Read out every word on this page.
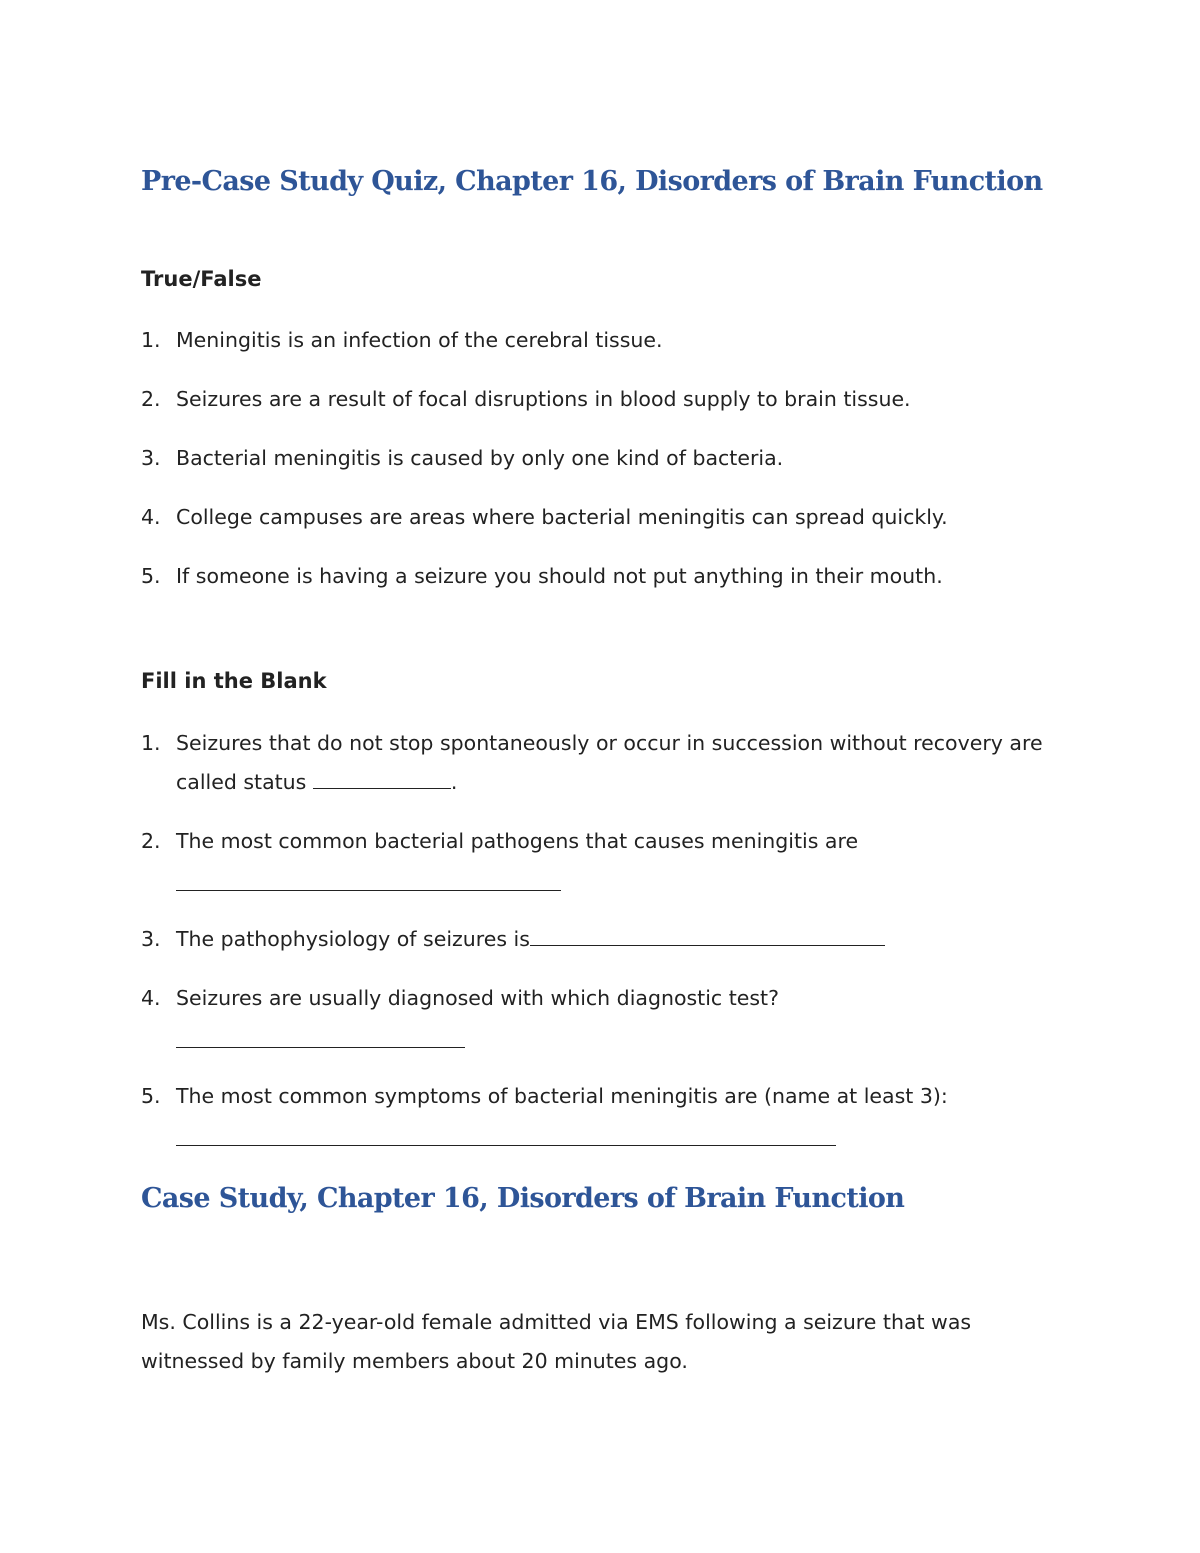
Pre-Case Study Quiz, Chapter 16, Disorders of Brain Function
True/False
1. Meningitis is an infection of the cerebral tissue.
2. Seizures are a result of focal disruptions in blood supply to brain tissue.
3. Bacterial meningitis is caused by only one kind of bacteria.
4. College campuses are areas where bacterial meningitis can spread quickly.
5. If someone is having a seizure you should not put anything in their mouth.
Fill in the Blank
1. Seizures that do not stop spontaneously or occur in succession without recovery are called status	.
2. The most common bacterial pathogens that causes meningitis are
3. The pathophysiology of seizures is
4. Seizures are usually diagnosed with which diagnostic test?
5. The most common symptoms of bacterial meningitis are (name at least 3):
Case Study, Chapter 16, Disorders of Brain Function

Ms. Collins is a 22-year-old female admitted via EMS following a seizure that was witnessed by family members about 20 minutes ago.
